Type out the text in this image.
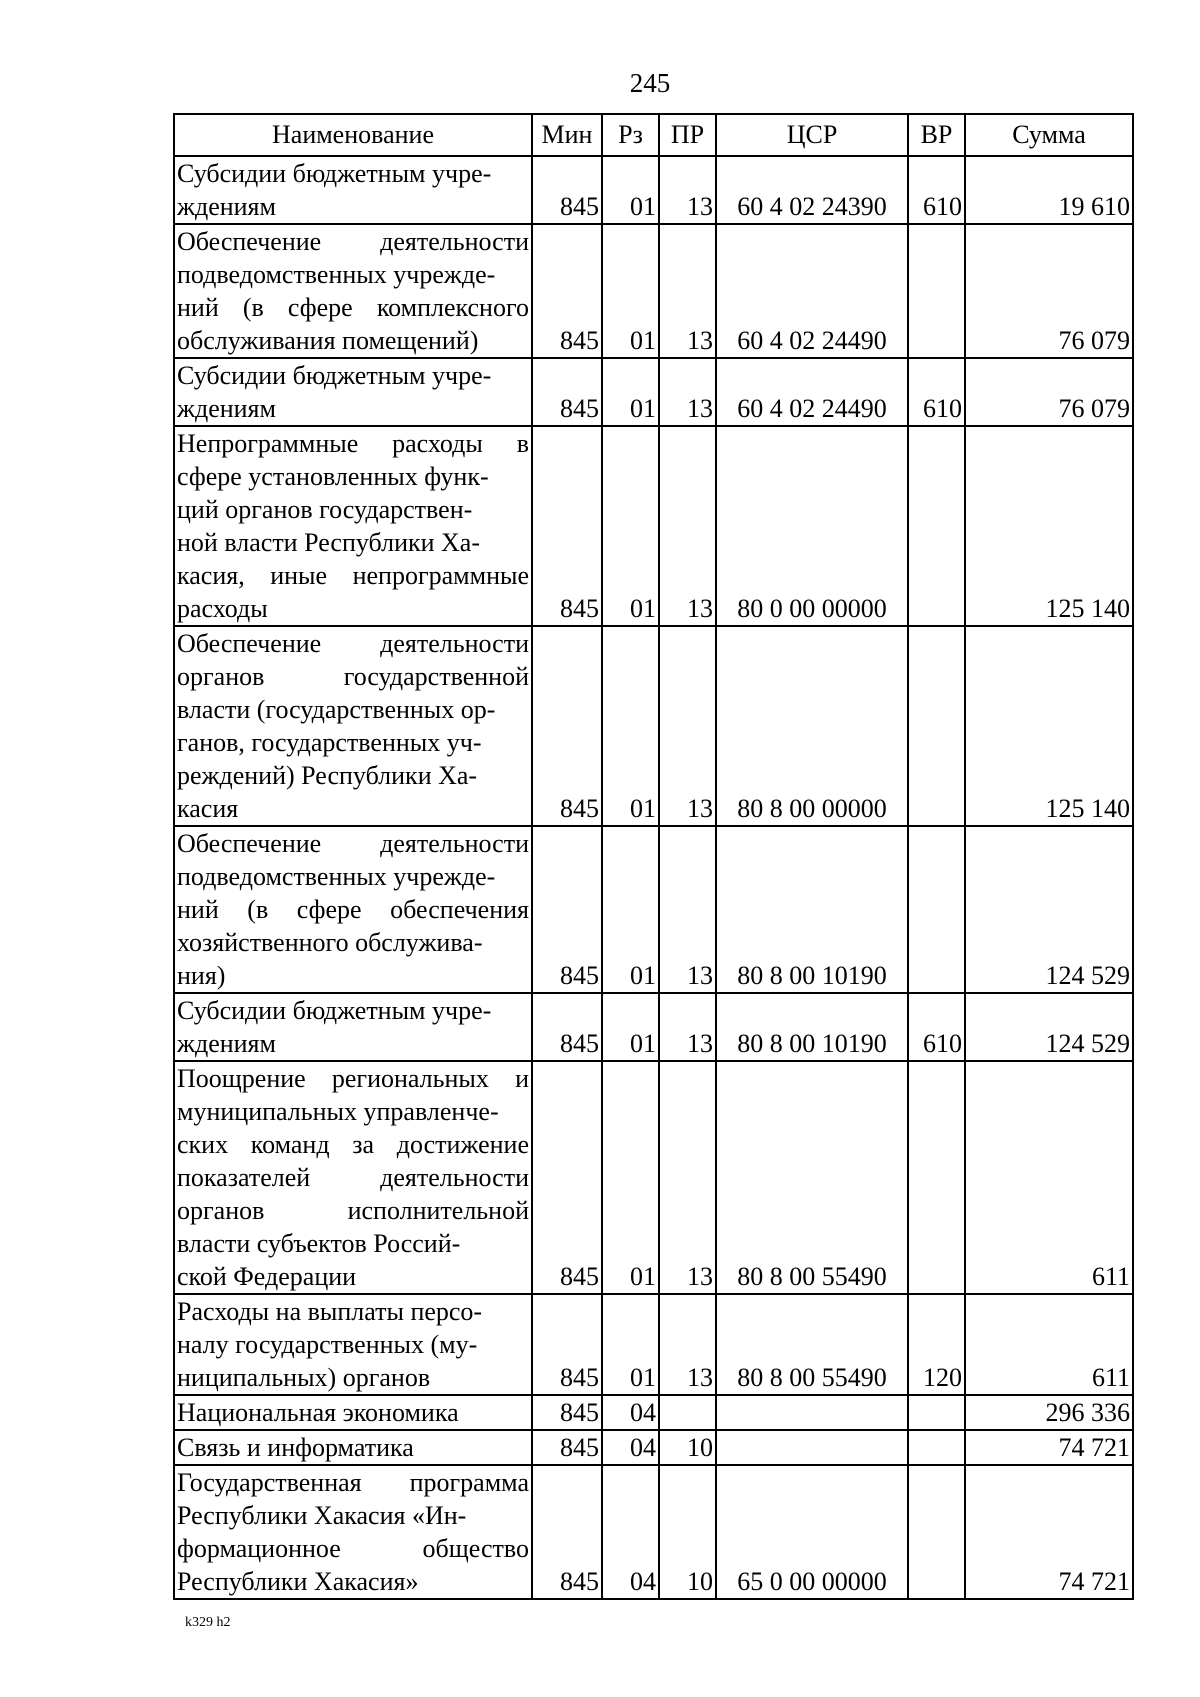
245
Наименование	Мин	Рз	ПР	ЦСР	ВР	Сумма
Субсидии бюджетным учре-
ждениям	845	01	13	60 4 02 24390	610	19 610
Обеспечение деятельности подведомственных учрежде-
ний (в сфере комплексного обслуживания помещений)	845	01	13	60 4 02 24490		76 079
Субсидии бюджетным учре-
ждениям	845	01	13	60 4 02 24490	610	76 079
Непрограммные расходы в сфере установленных функ-
ций органов государствен-
ной власти Республики Ха-
касия, иные непрограммные расходы	845	01	13	80 0 00 00000		125 140
Обеспечение деятельности органов государственной власти (государственных ор-
ганов, государственных уч-
реждений) Республики Ха-
касия	845	01	13	80 8 00 00000		125 140
Обеспечение деятельности подведомственных учрежде-
ний (в сфере обеспечения хозяйственного обслужива-
ния)	845	01	13	80 8 00 10190		124 529
Субсидии бюджетным учре-
ждениям	845	01	13	80 8 00 10190	610	124 529
Поощрение региональных и муниципальных управленче-
ских команд за достижение показателей деятельности органов исполнительной власти субъектов Россий-
ской Федерации	845	01	13	80 8 00 55490		611
Расходы на выплаты персо-
налу государственных (му-
ниципальных) органов	845	01	13	80 8 00 55490	120	611
Национальная экономика	845	04				296 336
Связь и информатика	845	04	10			74 721
Государственная программа Республики Хакасия «Ин-
формационное общество Республики Хакасия»	845	04	10	65 0 00 00000		74 721
k329 h2
